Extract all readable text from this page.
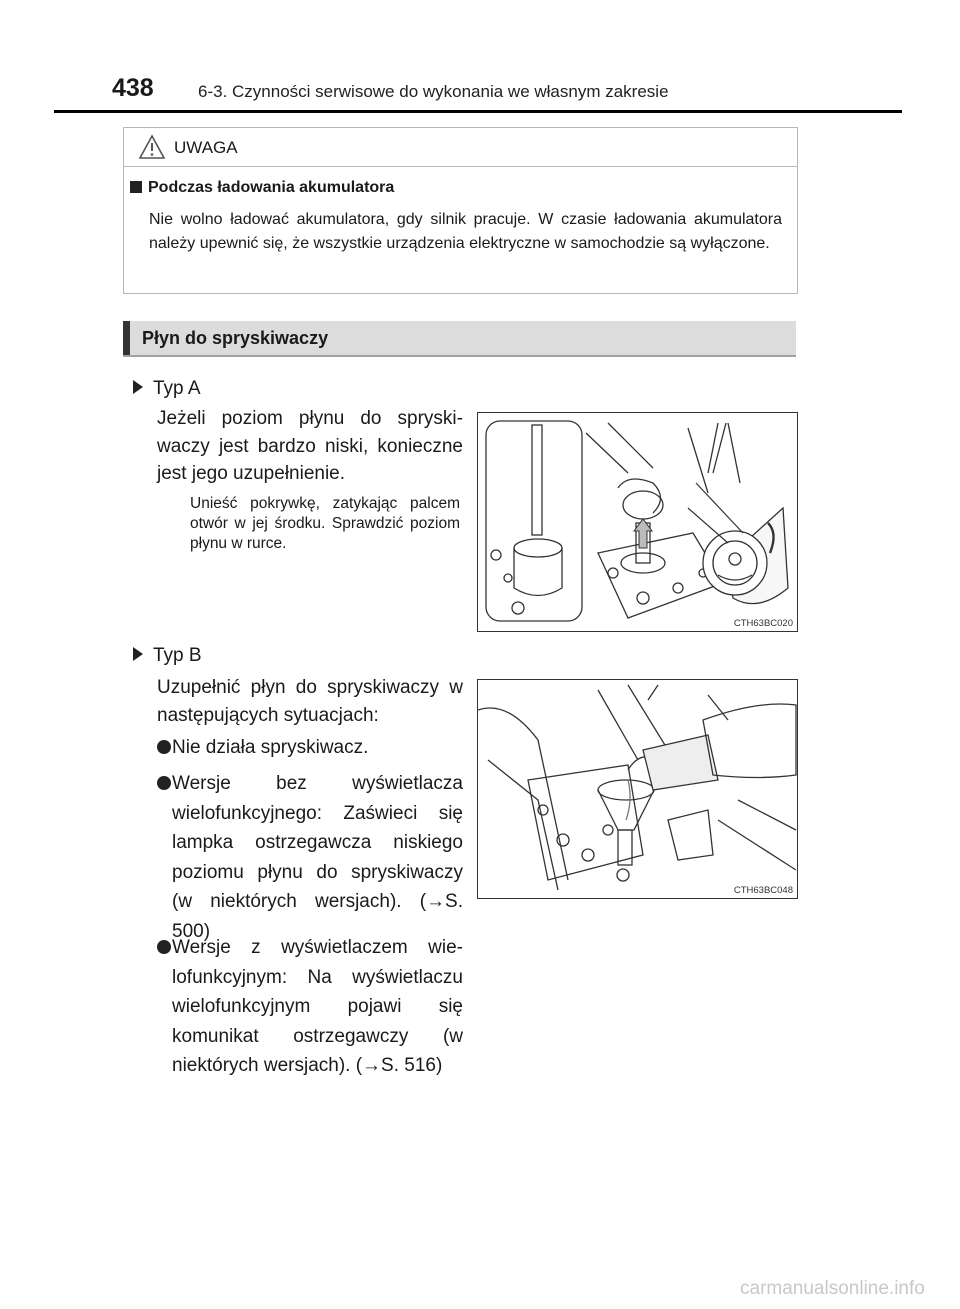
438	6-3. Czynności serwisowe do wykonania we własnym zakresie
UWAGA
Podczas ładowania akumulatora
Nie wolno ładować akumulatora, gdy silnik pracuje. W czasie ładowania akumulatora należy upewnić się, że wszystkie urządzenia elektryczne w samochodzie są wyłączone.
Płyn do spryskiwaczy
Typ A
Jeżeli poziom płynu do spryskiwaczy jest bardzo niski, konieczne jest jego uzupełnienie.
Unieść pokrywkę, zatykając palcem otwór w jej środku. Sprawdzić poziom płynu w rurce.
CTH63BC020
Typ B
Uzupełnić płyn do spryskiwaczy w następujących sytuacjach:
Nie działa spryskiwacz.
Wersje bez wyświetlacza wielofunkcyjnego: Zaświeci się lampka ostrzegawcza niskiego poziomu płynu do spryskiwaczy (w niektórych wersjach). (→S. 500)
Wersje z wyświetlaczem wielofunkcyjnym: Na wyświetlaczu wielofunkcyjnym pojawi się komunikat ostrzegawczy (w niektórych wersjach). (→S. 516)
CTH63BC048
carmanualsonline.info
